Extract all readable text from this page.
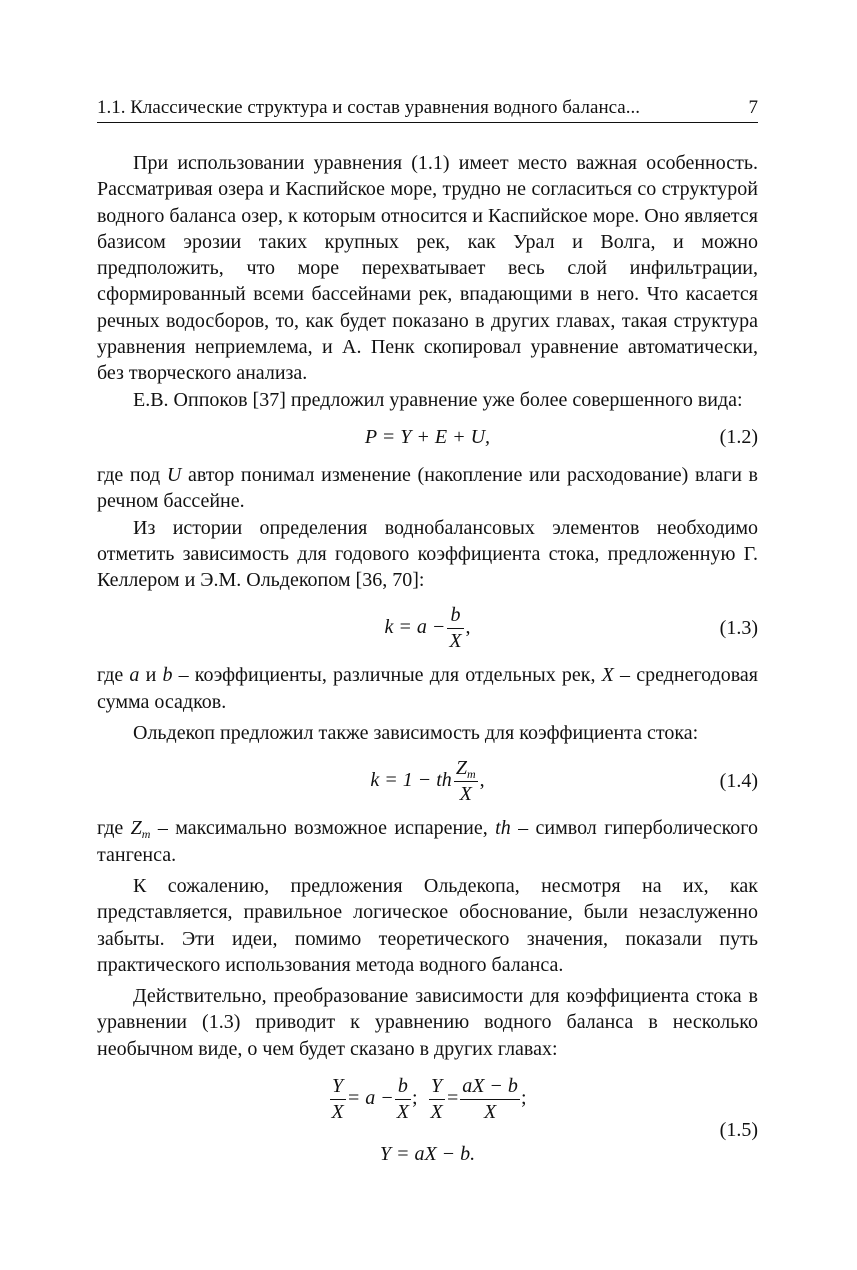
1.1. Классические структура и состав уравнения водного баланса...	7

При использовании уравнения (1.1) имеет место важная особенность. Рассматривая озера и Каспийское море, трудно не согласиться со структурой водного баланса озер, к которым относится и Каспийское море. Оно является базисом эрозии таких крупных рек, как Урал и Волга, и можно предположить, что море перехватывает весь слой инфильтрации, сформированный всеми бассейнами рек, впадающими в него. Что касается речных водосборов, то, как будет показано в других главах, такая структура уравнения неприемлема, и А. Пенк скопировал уравнение автоматически, без творческого анализа.

Е.В. Оппоков [37] предложил уравнение уже более совершенного вида:

P = Y + E + U,	(1.2)

где под U автор понимал изменение (накопление или расходование) влаги в речном бассейне.

Из истории определения воднобалансовых элементов необходимо отметить зависимость для годового коэффициента стока, предложенную Г. Келлером и Э.М. Ольдекопом [36, 70]:

$k = a - \frac{b}{X}$ ,	(1.3)

где a и b – коэффициенты, различные для отдельных рек, X – среднегодовая сумма осадков.

Ольдекоп предложил также зависимость для коэффициента стока:

k = 1 − th $\frac{Z_m}{X}$ ,	(1.4)

где $Z_m$ – максимально возможное испарение, th – символ гиперболического тангенса.

К сожалению, предложения Ольдекопа, несмотря на их, как представляется, правильное логическое обоснование, были незаслуженно забыты. Эти идеи, помимо теоретического значения, показали путь практического использования метода водного баланса.

Действительно, преобразование зависимости для коэффициента стока в уравнении (1.3) приводит к уравнению водного баланса в несколько необычном виде, о чем будет сказано в других главах:

$\frac{Y}{X} = a - \frac{b}{X}$ ; $\frac{Y}{X} = \frac{aX - b}{X}$ ;
Y = aX − b.
(1.5)
